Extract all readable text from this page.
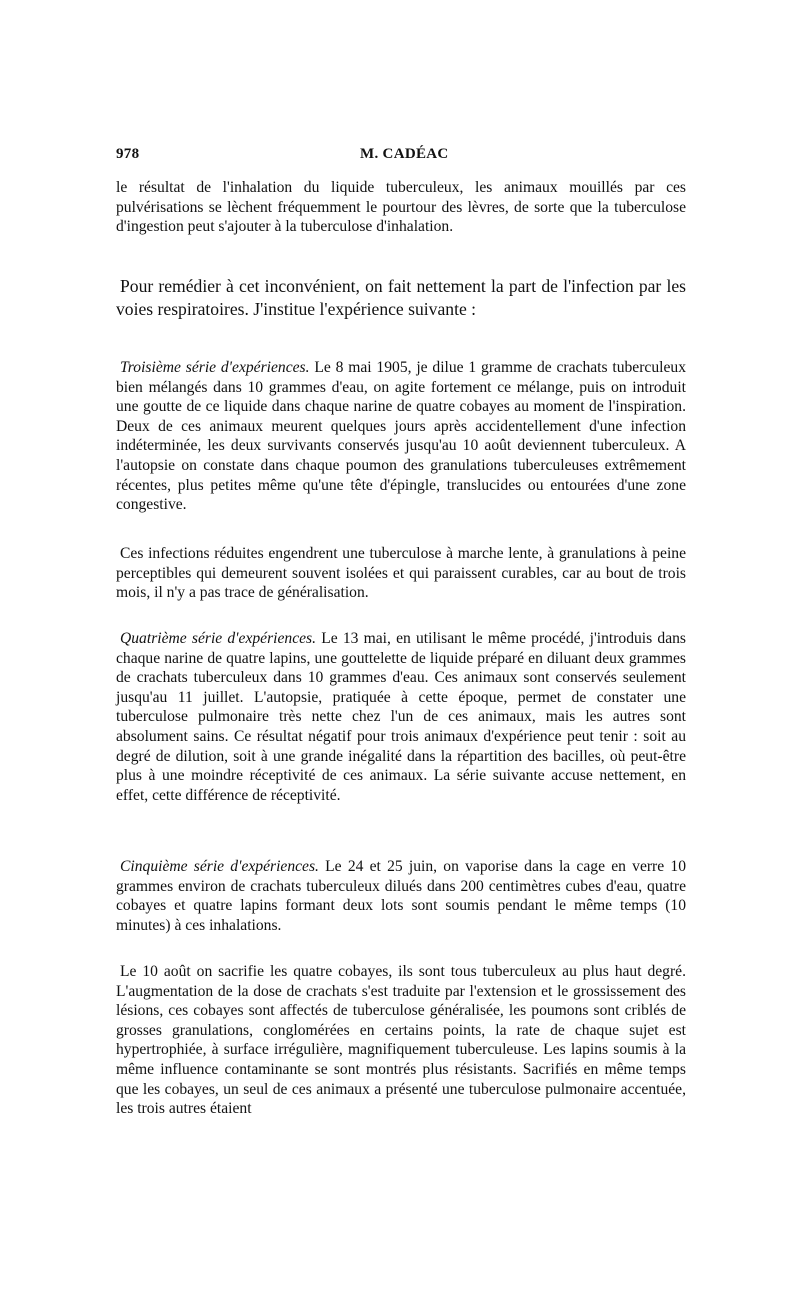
978	M. CADÉAC

le résultat de l'inhalation du liquide tuberculeux, les animaux mouillés par ces pulvérisations se lèchent fréquemment le pourtour des lèvres, de sorte que la tuberculose d'ingestion peut s'ajouter à la tuberculose d'inhalation.

Pour remédier à cet inconvénient, on fait nettement la part de l'infection par les voies respiratoires. J'institue l'expérience suivante :

Troisième série d'expériences. Le 8 mai 1905, je dilue 1 gramme de crachats tuberculeux bien mélangés dans 10 grammes d'eau, on agite fortement ce mélange, puis on introduit une goutte de ce liquide dans chaque narine de quatre cobayes au moment de l'inspiration. Deux de ces animaux meurent quelques jours après accidentellement d'une infection indéterminée, les deux survivants conservés jusqu'au 10 août deviennent tuberculeux. A l'autopsie on constate dans chaque poumon des granulations tuberculeuses extrêmement récentes, plus petites même qu'une tête d'épingle, translucides ou entourées d'une zone congestive.

Ces infections réduites engendrent une tuberculose à marche lente, à granulations à peine perceptibles qui demeurent souvent isolées et qui paraissent curables, car au bout de trois mois, il n'y a pas trace de généralisation.

Quatrième série d'expériences. Le 13 mai, en utilisant le même procédé, j'introduis dans chaque narine de quatre lapins, une gouttelette de liquide préparé en diluant deux grammes de crachats tuberculeux dans 10 grammes d'eau. Ces animaux sont conservés seulement jusqu'au 11 juillet. L'autopsie, pratiquée à cette époque, permet de constater une tuberculose pulmonaire très nette chez l'un de ces animaux, mais les autres sont absolument sains. Ce résultat négatif pour trois animaux d'expérience peut tenir : soit au degré de dilution, soit à une grande inégalité dans la répartition des bacilles, où peut-être plus à une moindre réceptivité de ces animaux. La série suivante accuse nettement, en effet, cette différence de réceptivité.

Cinquième série d'expériences. Le 24 et 25 juin, on vaporise dans la cage en verre 10 grammes environ de crachats tuberculeux dilués dans 200 centimètres cubes d'eau, quatre cobayes et quatre lapins formant deux lots sont soumis pendant le même temps (10 minutes) à ces inhalations.

Le 10 août on sacrifie les quatre cobayes, ils sont tous tuberculeux au plus haut degré. L'augmentation de la dose de crachats s'est traduite par l'extension et le grossissement des lésions, ces cobayes sont affectés de tuberculose généralisée, les poumons sont criblés de grosses granulations, conglomérées en certains points, la rate de chaque sujet est hypertrophiée, à surface irrégulière, magnifiquement tuberculeuse. Les lapins soumis à la même influence contaminante se sont montrés plus résistants. Sacrifiés en même temps que les cobayes, un seul de ces animaux a présenté une tuberculose pulmonaire accentuée, les trois autres étaient
